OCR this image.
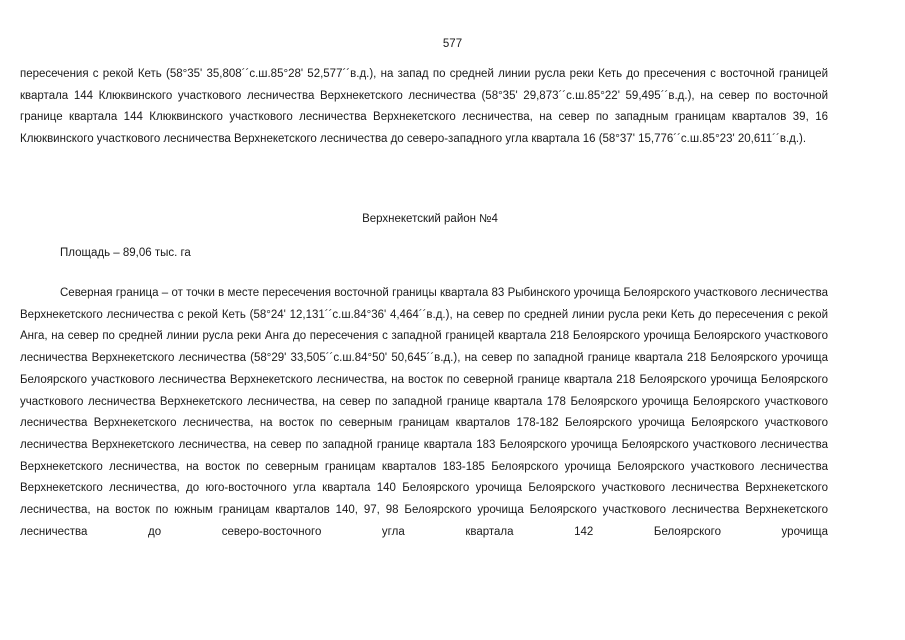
577

пересечения с рекой Кеть (58°35' 35,808´´с.ш.85°28' 52,577´´в.д.), на запад по средней линии русла реки Кеть до пресечения с восточной границей квартала 144 Клюквинского участкового лесничества Верхнекетского лесничества (58°35' 29,873´´с.ш.85°22' 59,495´´в.д.), на север по восточной границе квартала 144 Клюквинского участкового лесничества Верхнекетского лесничества, на север по западным границам кварталов 39, 16 Клюквинского участкового лесничества Верхнекетского лесничества до северо-западного угла квартала 16 (58°37' 15,776´´с.ш.85°23' 20,611´´в.д.).

Верхнекетский район №4
Площадь – 89,06 тыс. га

Северная граница – от точки в месте пересечения восточной границы квартала 83 Рыбинского урочища Белоярского участкового лесничества Верхнекетского лесничества с рекой Кеть (58°24' 12,131´´с.ш.84°36' 4,464´´в.д.), на север по средней линии русла реки Кеть до пересечения с рекой Анга, на север по средней линии русла реки Анга до пересечения с западной границей квартала 218 Белоярского урочища Белоярского участкового лесничества Верхнекетского лесничества (58°29' 33,505´´с.ш.84°50' 50,645´´в.д.), на север по западной границе квартала 218 Белоярского урочища Белоярского участкового лесничества Верхнекетского лесничества, на восток по северной границе квартала 218 Белоярского урочища Белоярского участкового лесничества Верхнекетского лесничества, на север по западной границе квартала 178 Белоярского урочища Белоярского участкового лесничества Верхнекетского лесничества, на восток по северным границам кварталов 178-182 Белоярского урочища Белоярского участкового лесничества Верхнекетского лесничества, на север по западной границе квартала 183 Белоярского урочища Белоярского участкового лесничества Верхнекетского лесничества, на восток по северным границам кварталов 183-185 Белоярского урочища Белоярского участкового лесничества Верхнекетского лесничества, до юго-восточного угла квартала 140 Белоярского урочища Белоярского участкового лесничества Верхнекетского лесничества, на восток по южным границам кварталов 140, 97, 98 Белоярского урочища Белоярского участкового лесничества Верхнекетского лесничества до северо-восточного угла квартала 142 Белоярского урочища
